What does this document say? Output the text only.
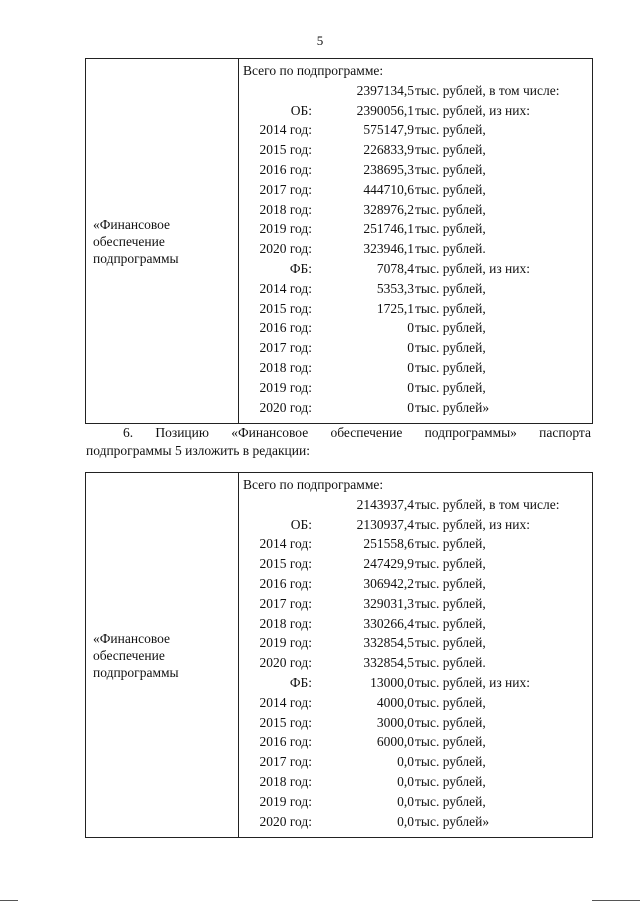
5
«Финансовое
обеспечение
подпрограммы
Всего по подпрограмме:
2397134,5 тыс. рублей, в том числе:
ОБ:	2390056,1 тыс. рублей, из них:
2014 год:	575147,9 тыс. рублей,
2015 год:	226833,9 тыс. рублей,
2016 год:	238695,3 тыс. рублей,
2017 год:	444710,6 тыс. рублей,
2018 год:	328976,2 тыс. рублей,
2019 год:	251746,1 тыс. рублей,
2020 год:	323946,1 тыс. рублей.
ФБ:	7078,4 тыс. рублей, из них:
2014 год:	5353,3 тыс. рублей,
2015 год:	1725,1 тыс. рублей,
2016 год:	0 тыс. рублей,
2017 год:	0 тыс. рублей,
2018 год:	0 тыс. рублей,
2019 год:	0 тыс. рублей,
2020 год:	0 тыс. рублей»
6. Позицию «Финансовое обеспечение подпрограммы» паспорта
подпрограммы 5 изложить в редакции:
«Финансовое
обеспечение
подпрограммы
Всего по подпрограмме:
2143937,4 тыс. рублей, в том числе:
ОБ:	2130937,4 тыс. рублей, из них:
2014 год:	251558,6 тыс. рублей,
2015 год:	247429,9 тыс. рублей,
2016 год:	306942,2 тыс. рублей,
2017 год:	329031,3 тыс. рублей,
2018 год:	330266,4 тыс. рублей,
2019 год:	332854,5 тыс. рублей,
2020 год:	332854,5 тыс. рублей.
ФБ:	13000,0 тыс. рублей, из них:
2014 год:	4000,0 тыс. рублей,
2015 год:	3000,0 тыс. рублей,
2016 год:	6000,0 тыс. рублей,
2017 год:	0,0 тыс. рублей,
2018 год:	0,0 тыс. рублей,
2019 год:	0,0 тыс. рублей,
2020 год:	0,0 тыс. рублей»
